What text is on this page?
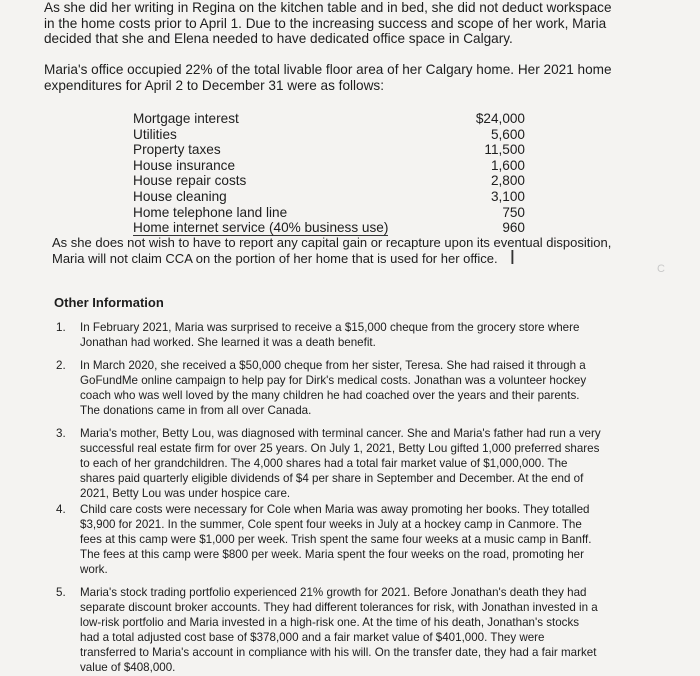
As she did her writing in Regina on the kitchen table and in bed, she did not deduct workspace in the home costs prior to April 1. Due to the increasing success and scope of her work, Maria decided that she and Elena needed to have dedicated office space in Calgary.

Maria's office occupied 22% of the total livable floor area of her Calgary home. Her 2021 home expenditures for April 2 to December 31 were as follows:

Mortgage interest	$24,000
Utilities	5,600
Property taxes	11,500
House insurance	1,600
House repair costs	2,800
House cleaning	3,100
Home telephone land line	750
Home internet service (40% business use)	960

As she does not wish to have to report any capital gain or recapture upon its eventual disposition, Maria will not claim CCA on the portion of her home that is used for her office. I

C
Other Information
1.	In February 2021, Maria was surprised to receive a $15,000 cheque from the grocery store where Jonathan had worked. She learned it was a death benefit.
2.	In March 2020, she received a $50,000 cheque from her sister, Teresa. She had raised it through a GoFundMe online campaign to help pay for Dirk's medical costs. Jonathan was a volunteer hockey coach who was well loved by the many children he had coached over the years and their parents. The donations came in from all over Canada.
3.	Maria's mother, Betty Lou, was diagnosed with terminal cancer. She and Maria's father had run a very successful real estate firm for over 25 years. On July 1, 2021, Betty Lou gifted 1,000 preferred shares to each of her grandchildren. The 4,000 shares had a total fair market value of $1,000,000. The shares paid quarterly eligible dividends of $4 per share in September and December. At the end of 2021, Betty Lou was under hospice care.
4.	Child care costs were necessary for Cole when Maria was away promoting her books. They totalled $3,900 for 2021. In the summer, Cole spent four weeks in July at a hockey camp in Canmore. The fees at this camp were $1,000 per week. Trish spent the same four weeks at a music camp in Banff. The fees at this camp were $800 per week. Maria spent the four weeks on the road, promoting her work.
5.	Maria's stock trading portfolio experienced 21% growth for 2021. Before Jonathan's death they had separate discount broker accounts. They had different tolerances for risk, with Jonathan invested in a low-risk portfolio and Maria invested in a high-risk one. At the time of his death, Jonathan's stocks had a total adjusted cost base of $378,000 and a fair market value of $401,000. They were transferred to Maria's account in compliance with his will. On the transfer date, they had a fair market value of $408,000.
